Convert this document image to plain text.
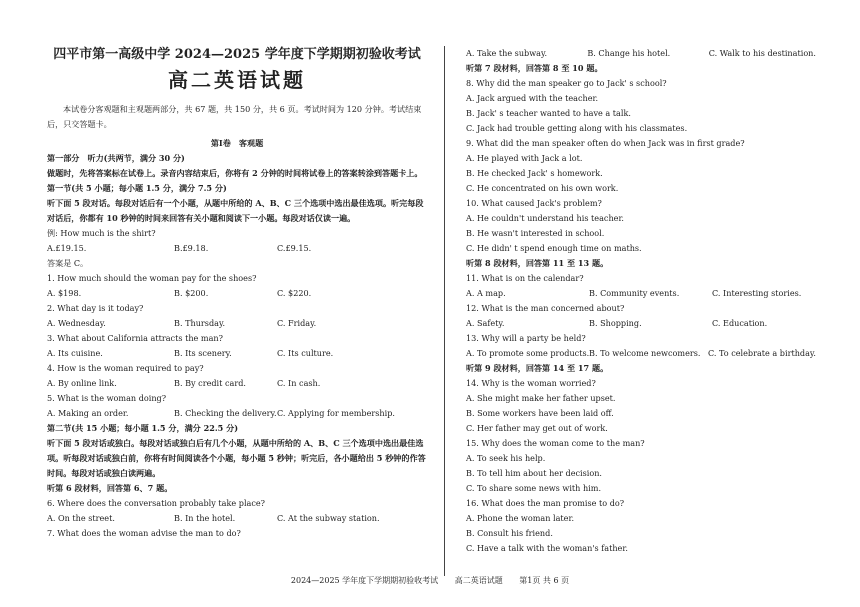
四平市第一高级中学 2024—2025 学年度下学期期初验收考试
高二英语试题
本试卷分客观题和主观题两部分，共 67 题，共 150 分，共 6 页。考试时间为 120 分钟。考试结束后，只交答题卡。
第Ⅰ卷　客观题
第一部分　听力(共两节，满分 30 分)
做题时，先将答案标在试卷上。录音内容结束后，你将有 2 分钟的时间将试卷上的答案转涂到答题卡上。
第一节(共 5 小题；每小题 1.5 分，满分 7.5 分)
听下面 5 段对话。每段对话后有一个小题，从题中所给的 A、B、C 三个选项中选出最佳选项。听完每段对话后，你都有 10 秒钟的时间来回答有关小题和阅读下一小题。每段对话仅读一遍。
例: How much is the shirt?
A.£19.15.	B.£9.18.	C.£9.15.
答案是 C。
1. How much should the woman pay for the shoes?
A. $198.	B. $200.	C. $220.
2. What day is it today?
A. Wednesday.	B. Thursday.	C. Friday.
3. What about California attracts the man?
A. Its cuisine.	B. Its scenery.	C. Its culture.
4. How is the woman required to pay?
A. By online link.	B. By credit card.	C. In cash.
5. What is the woman doing?
A. Making an order.	B. Checking the delivery. C. Applying for membership.
第二节(共 15 小题；每小题 1.5 分，满分 22.5 分)
听下面 5 段对话或独白。每段对话或独白后有几个小题，从题中所给的 A、B、C 三个选项中选出最佳选项。听每段对话或独白前，你将有时间阅读各个小题，每小题 5 秒钟；听完后，各小题给出 5 秒钟的作答时间。每段对话或独白读两遍。
听第 6 段材料，回答第 6、7 题。
6. Where does the conversation probably take place?
A. On the street.	B. In the hotel.	C. At the subway station.
7. What does the woman advise the man to do?
A. Take the subway.	B. Change his hotel.	C. Walk to his destination.
听第 7 段材料，回答第 8 至 10 题。
8. Why did the man speaker go to Jack' s school?
A. Jack argued with the teacher.
B. Jack' s teacher wanted to have a talk.
C. Jack had trouble getting along with his classmates.
9. What did the man speaker often do when Jack was in first grade?
A. He played with Jack a lot.
B. He checked Jack' s homework.
C. He concentrated on his own work.
10. What caused Jack's problem?
A. He couldn't understand his teacher.
B. He wasn't interested in school.
C. He didn' t spend enough time on maths.
听第 8 段材料，回答第 11 至 13 题。
11. What is on the calendar?
A. A map.	B. Community events.	C. Interesting stories.
12. What is the man concerned about?
A. Safety.	B. Shopping.	C. Education.
13. Why will a party be held?
A. To promote some products. B. To welcome newcomers. C. To celebrate a birthday.
听第 9 段材料，回答第 14 至 17 题。
14. Why is the woman worried?
A. She might make her father upset.
B. Some workers have been laid off.
C. Her father may get out of work.
15. Why does the woman come to the man?
A. To seek his help.
B. To tell him about her decision.
C. To share some news with him.
16. What does the man promise to do?
A. Phone the woman later.
B. Consult his friend.
C. Have a talk with the woman's father.
2024—2025 学年度下学期期初验收考试 高二英语试题 第1页 共 6 页
